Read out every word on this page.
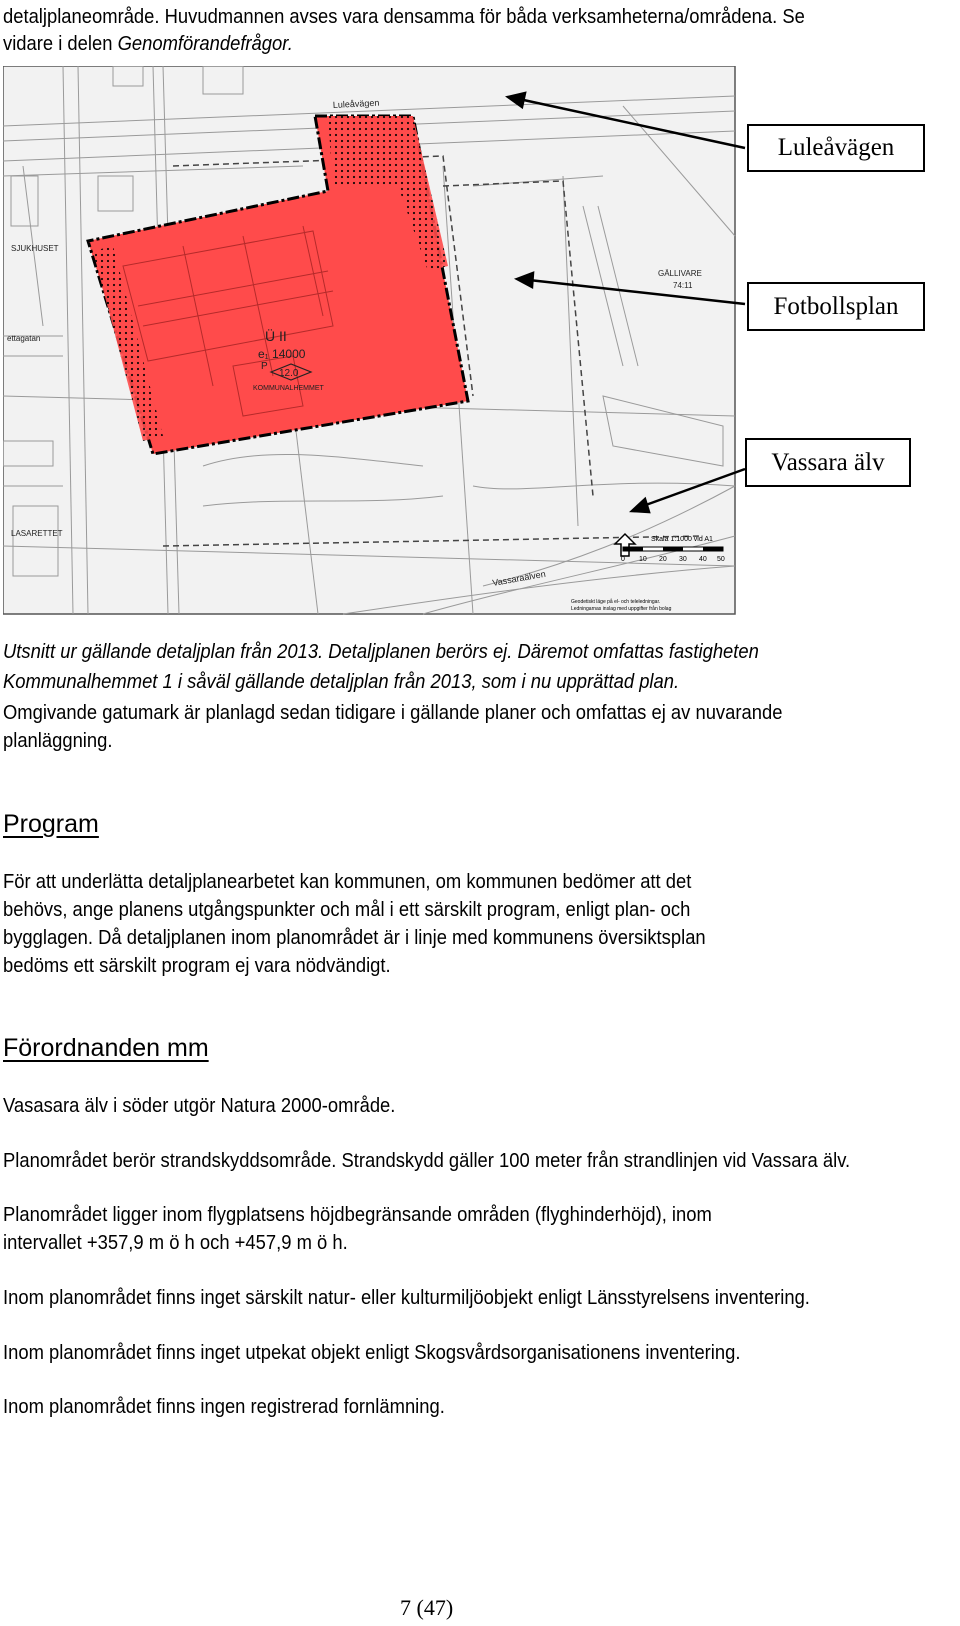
detaljplaneområde. Huvudmannen avses vara densamma för båda verksamheterna/områdena. Se
vidare i delen Genomförandefrågor.
Ü II
e₁ 14000
P
12.0
KOMMUNALHEMMET
Luleåvägen
Vassaraälven
GÄLLIVARE
74:11
LASARETTET
SJUKHUSET
ettagatan
Skala 1:1000 vid A1
0 10 20 30 40 50
Geodetiskt läge på el- och teleledningar.
Ledningarnas inslag med uppgifter från bolag
Luleåvägen
Fotbollsplan
Vassara älv
Utsnitt ur gällande detaljplan från 2013. Detaljplanen berörs ej. Däremot omfattas fastigheten
Kommunalhemmet 1 i såväl gällande detaljplan från 2013, som i nu upprättad plan.
Omgivande gatumark är planlagd sedan tidigare i gällande planer och omfattas ej av nuvarande
planläggning.
Program
För att underlätta detaljplanearbetet kan kommunen, om kommunen bedömer att det
behövs, ange planens utgångspunkter och mål i ett särskilt program, enligt plan- och
bygglagen. Då detaljplanen inom planområdet är i linje med kommunens översiktsplan
bedöms ett särskilt program ej vara nödvändigt.
Förordnanden mm
Vasasara älv i söder utgör Natura 2000-område.
Planområdet berör strandskyddsområde. Strandskydd gäller 100 meter från strandlinjen vid Vassara älv.
Planområdet ligger inom flygplatsens höjdbegränsande områden (flyghinderhöjd), inom
intervallet +357,9 m ö h och +457,9 m ö h.
Inom planområdet finns inget särskilt natur- eller kulturmiljöobjekt enligt Länsstyrelsens inventering.
Inom planområdet finns inget utpekat objekt enligt Skogsvårdsorganisationens inventering.
Inom planområdet finns ingen registrerad fornlämning.
7 (47)
